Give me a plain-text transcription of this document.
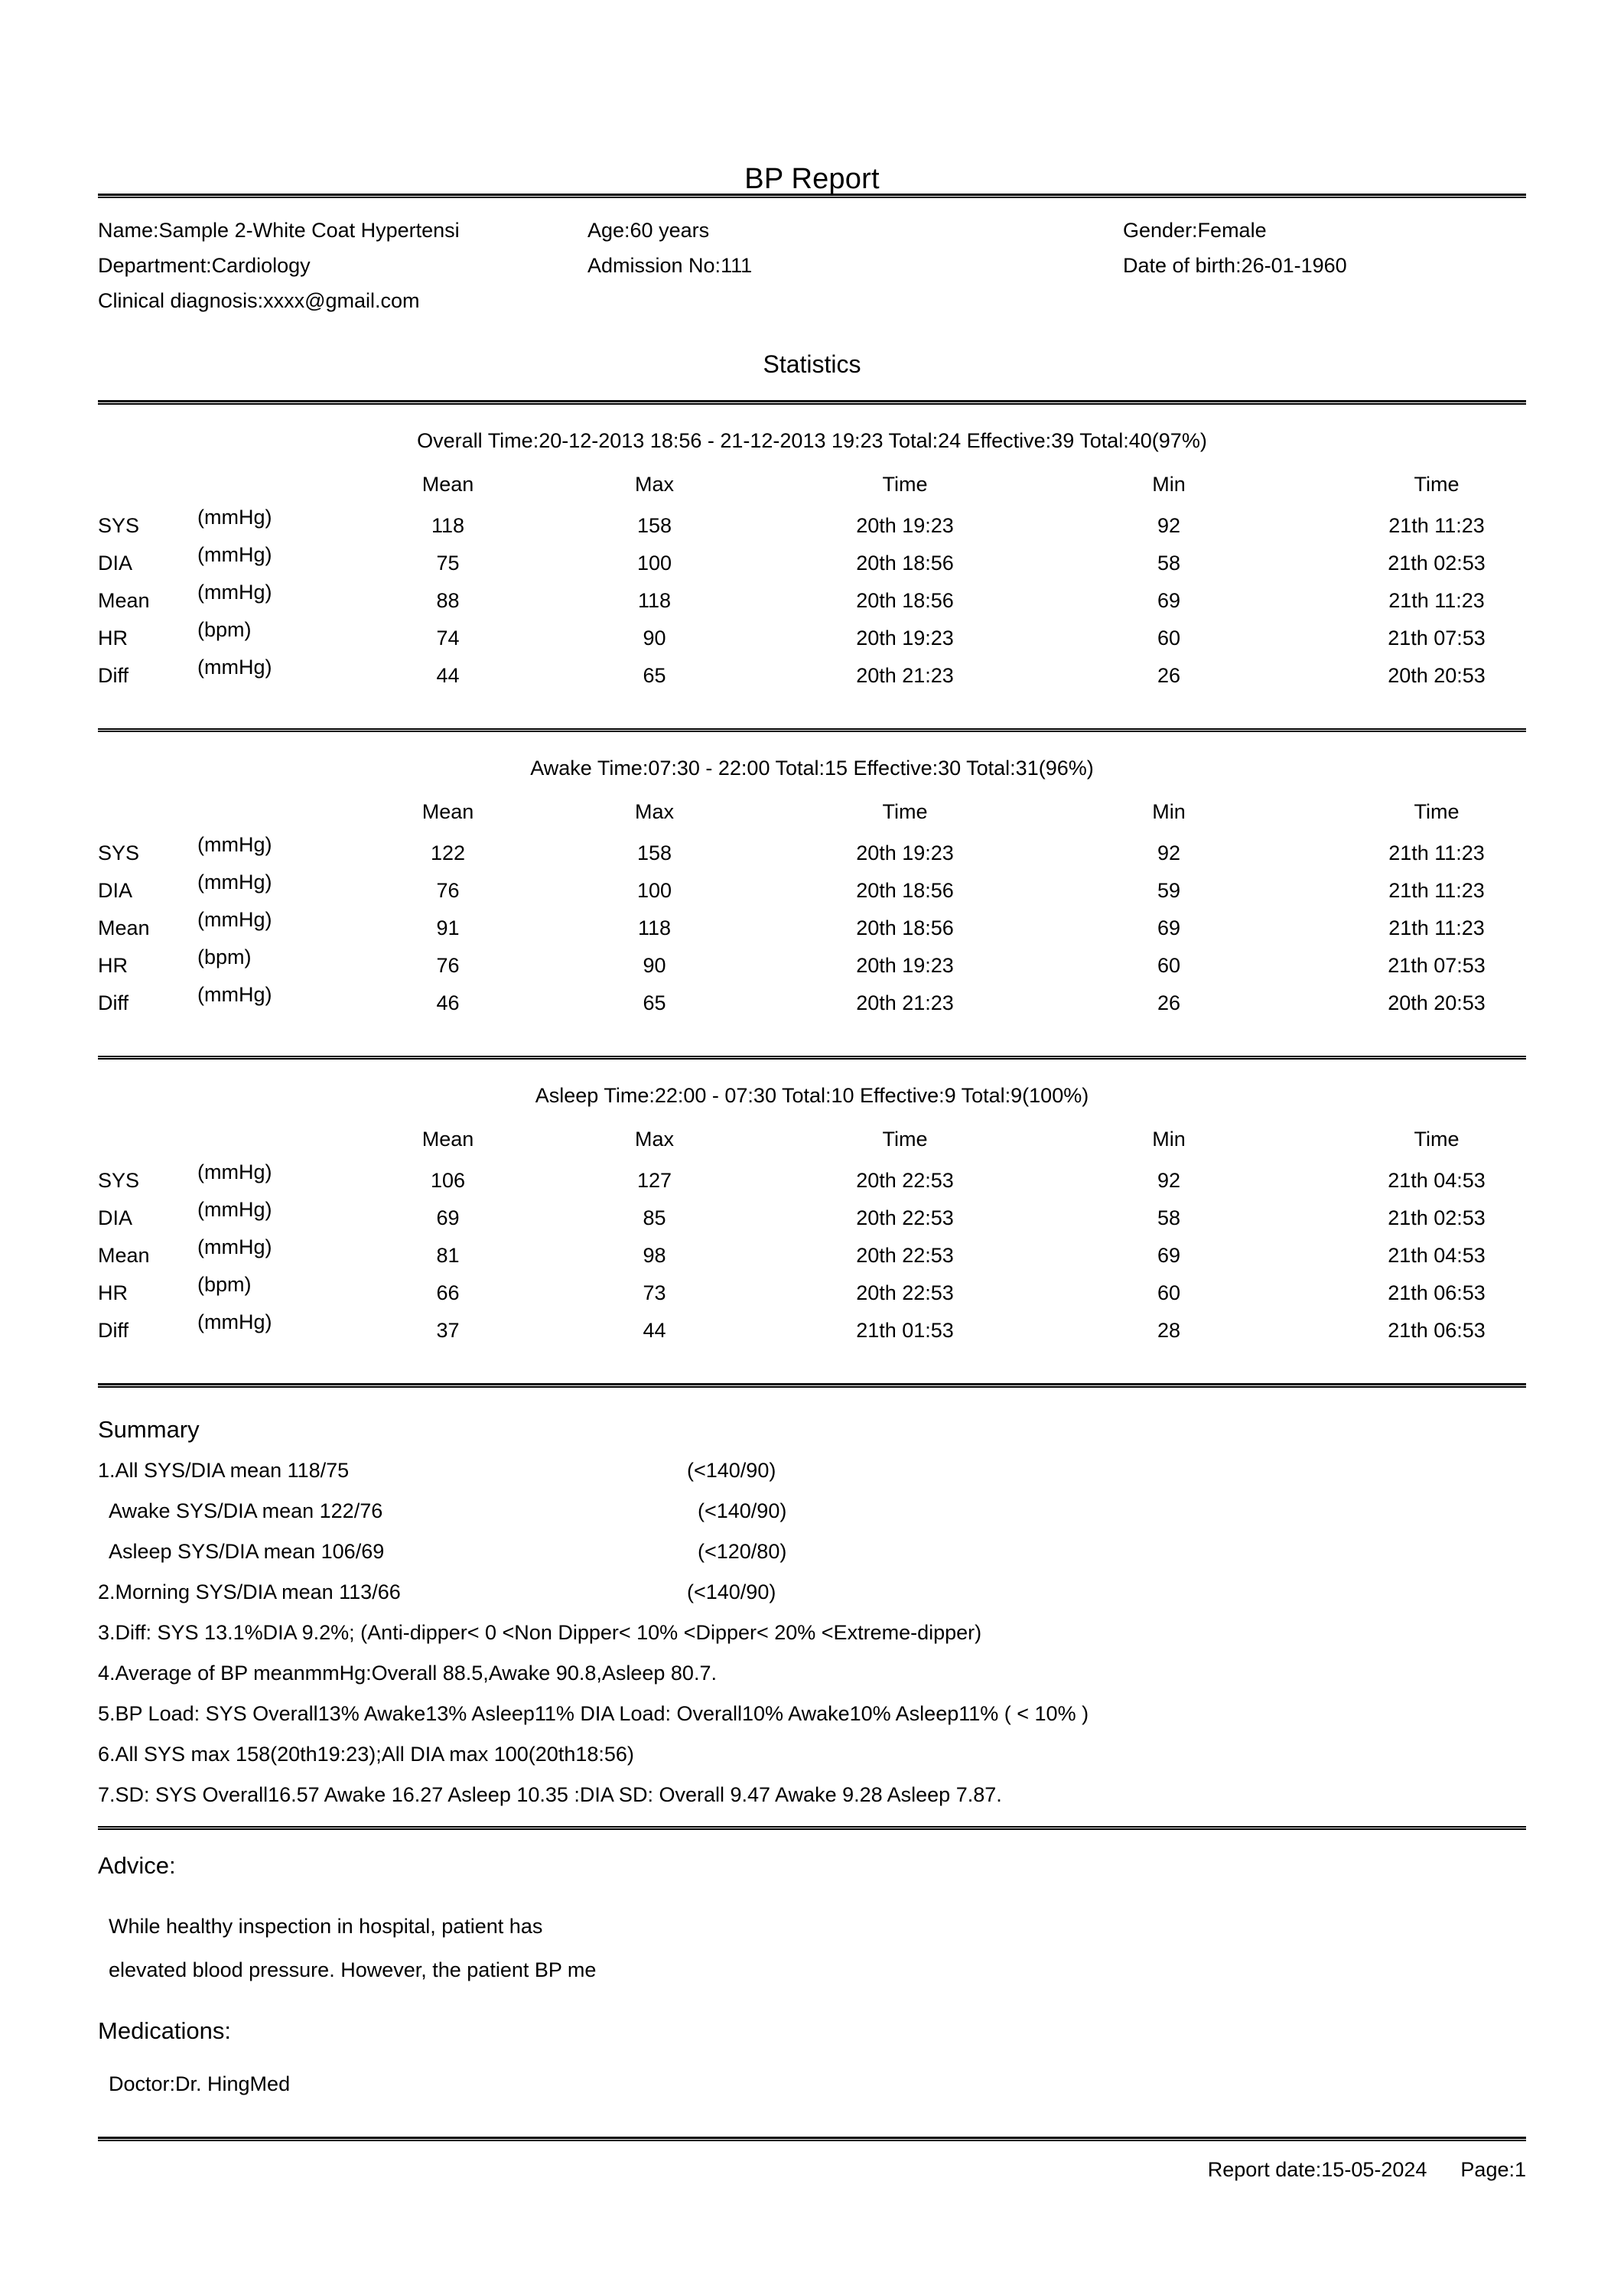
BP Report
Name:Sample 2-White Coat Hypertensi	Age:60 years	Gender:Female
Department:Cardiology	Admission No:111	Date of birth:26-01-1960
Clinical diagnosis:xxxx@gmail.com
Statistics
Overall Time:20-12-2013 18:56 - 21-12-2013 19:23 Total:24 Effective:39 Total:40(97%)
		Mean	Max	Time	Min	Time
SYS	(mmHg)	118	158	20th 19:23	92	21th 11:23
DIA	(mmHg)	75	100	20th 18:56	58	21th 02:53
Mean	(mmHg)	88	118	20th 18:56	69	21th 11:23
HR	(bpm)	74	90	20th 19:23	60	21th 07:53
Diff	(mmHg)	44	65	20th 21:23	26	20th 20:53
Awake Time:07:30 - 22:00 Total:15 Effective:30 Total:31(96%)
		Mean	Max	Time	Min	Time
SYS	(mmHg)	122	158	20th 19:23	92	21th 11:23
DIA	(mmHg)	76	100	20th 18:56	59	21th 11:23
Mean	(mmHg)	91	118	20th 18:56	69	21th 11:23
HR	(bpm)	76	90	20th 19:23	60	21th 07:53
Diff	(mmHg)	46	65	20th 21:23	26	20th 20:53
Asleep Time:22:00 - 07:30 Total:10 Effective:9 Total:9(100%)
		Mean	Max	Time	Min	Time
SYS	(mmHg)	106	127	20th 22:53	92	21th 04:53
DIA	(mmHg)	69	85	20th 22:53	58	21th 02:53
Mean	(mmHg)	81	98	20th 22:53	69	21th 04:53
HR	(bpm)	66	73	20th 22:53	60	21th 06:53
Diff	(mmHg)	37	44	21th 01:53	28	21th 06:53
Summary
1.All SYS/DIA mean 118/75	(<140/90)
Awake SYS/DIA mean 122/76	(<140/90)
Asleep SYS/DIA mean 106/69	(<120/80)
2.Morning SYS/DIA mean 113/66	(<140/90)
3.Diff: SYS 13.1%DIA 9.2%; (Anti-dipper< 0 <Non Dipper< 10% <Dipper< 20% <Extreme-dipper)
4.Average of BP meanmmHg:Overall 88.5,Awake 90.8,Asleep 80.7.
5.BP Load: SYS Overall13% Awake13% Asleep11% DIA Load: Overall10% Awake10% Asleep11% ( < 10% )
6.All SYS max 158(20th19:23);All DIA max 100(20th18:56)
7.SD: SYS Overall16.57 Awake 16.27 Asleep 10.35 :DIA SD: Overall 9.47 Awake 9.28 Asleep 7.87.
Advice:
While healthy inspection in hospital, patient has
elevated blood pressure. However, the patient BP me
Medications:
Doctor:Dr. HingMed
Report date:15-05-2024	Page:1
